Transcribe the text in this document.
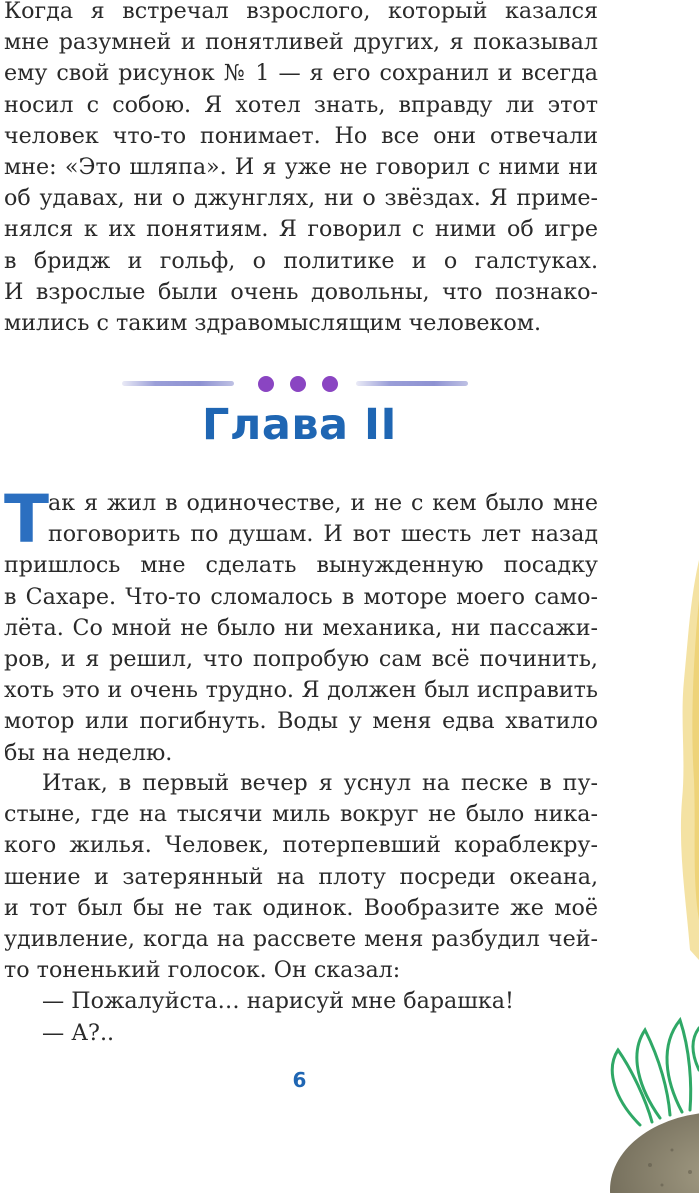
Когда я встречал взрослого, который казался
мне разумней и понятливей других, я показывал
ему свой рисунок № 1 — я его сохранил и всегда
носил с собою. Я хотел знать, вправду ли этот
человек что-то понимает. Но все они отвечали
мне: «Это шляпа». И я уже не говорил с ними ни
об удавах, ни о джунглях, ни о звёздах. Я приме-
нялся к их понятиям. Я говорил с ними об игре
в бридж и гольф, о политике и о галстуках.
И взрослые были очень довольны, что познако-
мились с таким здравомыслящим человеком.
Глава II
Т
ак я жил в одиночестве, и не с кем было мне
поговорить по душам. И вот шесть лет назад
пришлось мне сделать вынужденную посадку
в Сахаре. Что-то сломалось в моторе моего само-
лёта. Со мной не было ни механика, ни пассажи-
ров, и я решил, что попробую сам всё починить,
хоть это и очень трудно. Я должен был исправить
мотор или погибнуть. Воды у меня едва хватило
бы на неделю.
Итак, в первый вечер я уснул на песке в пу-
стыне, где на тысячи миль вокруг не было ника-
кого жилья. Человек, потерпевший кораблекру-
шение и затерянный на плоту посреди океана,
и тот был бы не так одинок. Вообразите же моё
удивление, когда на рассвете меня разбудил чей-
то тоненький голосок. Он сказал:
— Пожалуйста… нарисуй мне барашка!
— А?..
6
